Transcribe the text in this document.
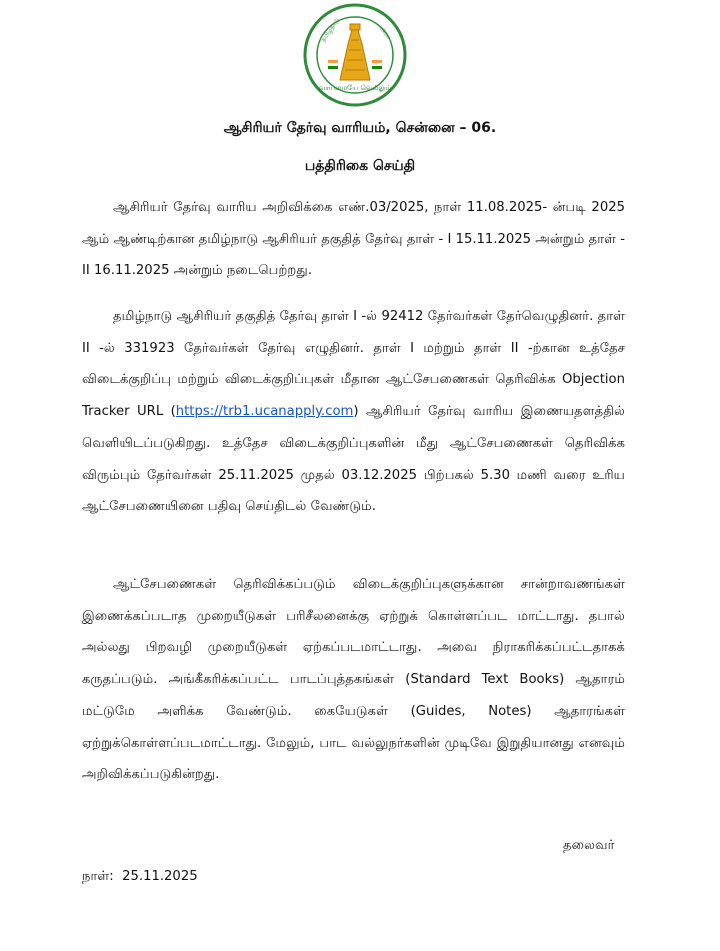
வாய்மையே வெல்லும்
தமிழ்நாடு	அரசு
ஆசிரியர் தேர்வு வாரியம், சென்னை – 06.
பத்திரிகை செய்தி

ஆசிரியர் தேர்வு வாரிய அறிவிக்கை எண்.03/2025, நாள் 11.08.2025- ன்படி 2025 ஆம் ஆண்டிற்கான தமிழ்நாடு ஆசிரியர் தகுதித் தேர்வு தாள் - I 15.11.2025 அன்றும் தாள் - II 16.11.2025 அன்றும் நடைபெற்றது.

தமிழ்நாடு ஆசிரியர் தகுதித் தேர்வு தாள் I -ல் 92412 தேர்வர்கள் தேர்வெழுதினர். தாள் II -ல் 331923 தேர்வர்கள் தேர்வு எழுதினர். தாள் I மற்றும் தாள் II -ற்கான உத்தேச விடைக்குறிப்பு மற்றும் விடைக்குறிப்புகள் மீதான ஆட்சேபணைகள் தெரிவிக்க Objection Tracker URL (https://trb1.ucanapply.com) ஆசிரியர் தேர்வு வாரிய இணையதளத்தில் வெளியிடப்படுகிறது. உத்தேச விடைக்குறிப்புகளின் மீது ஆட்சேபணைகள் தெரிவிக்க விரும்பும் தேர்வர்கள் 25.11.2025 முதல் 03.12.2025 பிற்பகல் 5.30 மணி வரை உரிய ஆட்சேபணையினை பதிவு செய்திடல் வேண்டும்.

ஆட்சேபணைகள் தெரிவிக்கப்படும் விடைக்குறிப்புகளுக்கான சான்றாவணங்கள் இணைக்கப்படாத முறையீடுகள் பரிசீலனைக்கு ஏற்றுக் கொள்ளப்பட மாட்டாது. தபால் அல்லது பிறவழி முறையீடுகள் ஏற்கப்படமாட்டாது. அவை நிராகரிக்கப்பட்டதாகக் கருதப்படும். அங்கீகரிக்கப்பட்ட பாடப்புத்தகங்கள் (Standard Text Books) ஆதாரம் மட்டுமே அளிக்க வேண்டும். கையேடுகள் (Guides, Notes) ஆதாரங்கள் ஏற்றுக்கொள்ளப்படமாட்டாது. மேலும், பாட வல்லுநர்களின் முடிவே இறுதியானது எனவும் அறிவிக்கப்படுகின்றது.

தலைவர்
நாள்: 25.11.2025
